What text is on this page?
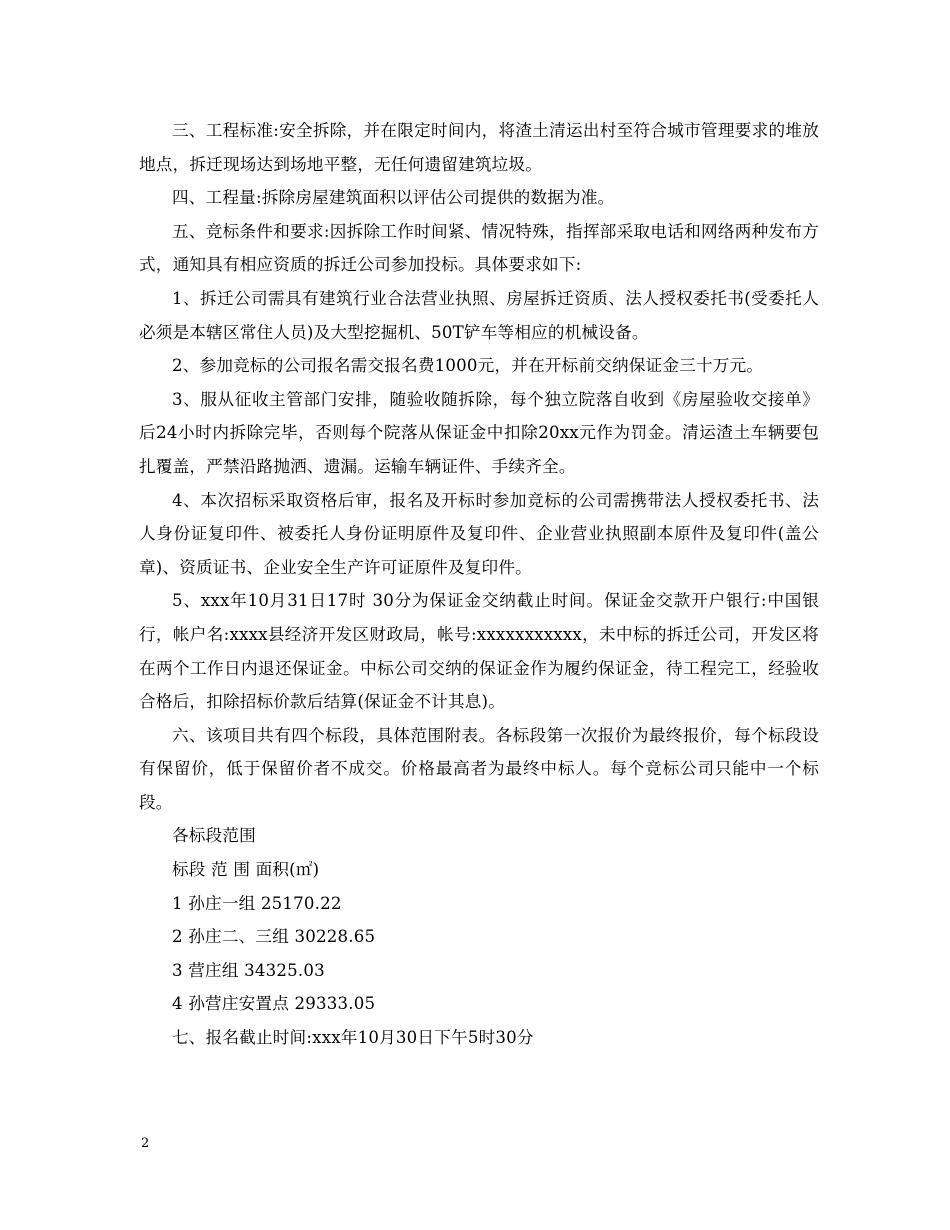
三、工程标准:安全拆除，并在限定时间内，将渣土清运出村至符合城市管理要求的堆放地点，拆迁现场达到场地平整，无任何遗留建筑垃圾。

四、工程量:拆除房屋建筑面积以评估公司提供的数据为准。

五、竞标条件和要求:因拆除工作时间紧、情况特殊，指挥部采取电话和网络两种发布方式，通知具有相应资质的拆迁公司参加投标。具体要求如下:

1、拆迁公司需具有建筑行业合法营业执照、房屋拆迁资质、法人授权委托书(受委托人必须是本辖区常住人员)及大型挖掘机、50T铲车等相应的机械设备。

2、参加竞标的公司报名需交报名费1000元，并在开标前交纳保证金三十万元。

3、服从征收主管部门安排，随验收随拆除，每个独立院落自收到《房屋验收交接单》后24小时内拆除完毕，否则每个院落从保证金中扣除20xx元作为罚金。清运渣土车辆要包扎覆盖，严禁沿路抛洒、遗漏。运输车辆证件、手续齐全。

4、本次招标采取资格后审，报名及开标时参加竞标的公司需携带法人授权委托书、法人身份证复印件、被委托人身份证明原件及复印件、企业营业执照副本原件及复印件(盖公章)、资质证书、企业安全生产许可证原件及复印件。

5、xxx年10月31日17时 30分为保证金交纳截止时间。保证金交款开户银行:中国银行，帐户名:xxxx县经济开发区财政局，帐号:xxxxxxxxxxx，未中标的拆迁公司，开发区将在两个工作日内退还保证金。中标公司交纳的保证金作为履约保证金，待工程完工，经验收合格后，扣除招标价款后结算(保证金不计其息)。

六、该项目共有四个标段，具体范围附表。各标段第一次报价为最终报价，每个标段设有保留价，低于保留价者不成交。价格最高者为最终中标人。每个竞标公司只能中一个标段。

各标段范围

标段 范 围 面积(㎡)

1 孙庄一组 25170.22

2 孙庄二、三组 30228.65

3 营庄组 34325.03

4 孙营庄安置点 29333.05

七、报名截止时间:xxx年10月30日下午5时30分

2
